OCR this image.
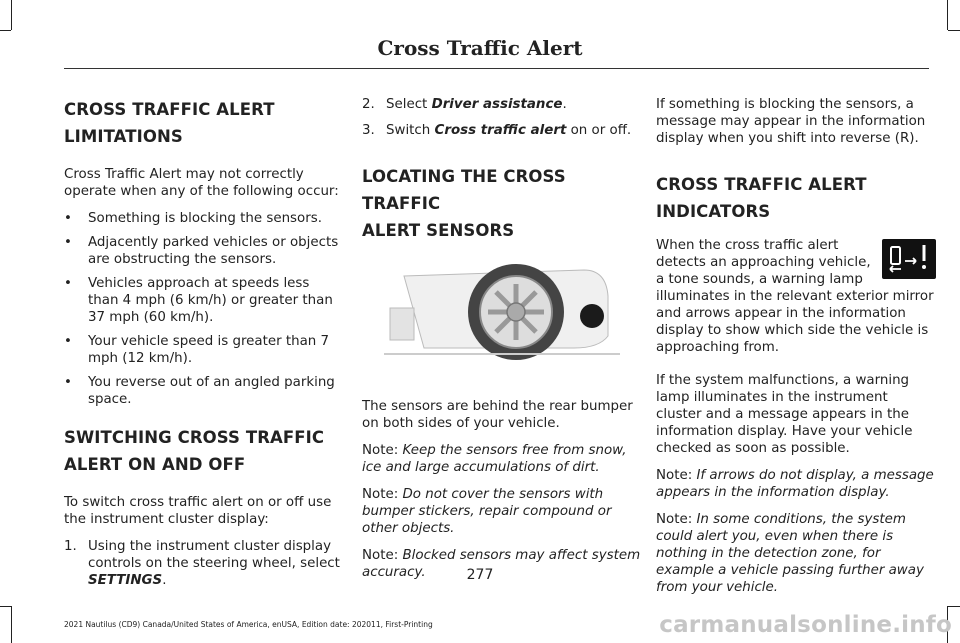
Cross Traffic Alert
CROSS TRAFFIC ALERT
LIMITATIONS

Cross Traffic Alert may not correctly operate when any of the following occur:

• Something is blocking the sensors.
• Adjacently parked vehicles or objects are obstructing the sensors.
• Vehicles approach at speeds less than 4 mph (6 km/h) or greater than 37 mph (60 km/h).
• Your vehicle speed is greater than 7 mph (12 km/h).
• You reverse out of an angled parking space.
SWITCHING CROSS TRAFFIC
ALERT ON AND OFF

To switch cross traffic alert on or off use the instrument cluster display:

1. Using the instrument cluster display controls on the steering wheel, select SETTINGS.
2. Select Driver assistance.
3. Switch Cross traffic alert on or off.
LOCATING THE CROSS TRAFFIC
ALERT SENSORS

The sensors are behind the rear bumper on both sides of your vehicle.

Note: Keep the sensors free from snow, ice and large accumulations of dirt.

Note: Do not cover the sensors with bumper stickers, repair compound or other objects.

Note: Blocked sensors may affect system accuracy.

If something is blocking the sensors, a message may appear in the information display when you shift into reverse (R).

CROSS TRAFFIC ALERT
INDICATORS

When the cross traffic alert detects an approaching vehicle, a tone sounds, a warning lamp illuminates in the relevant exterior mirror and arrows appear in the information display to show which side the vehicle is approaching from.

If the system malfunctions, a warning lamp illuminates in the instrument cluster and a message appears in the information display. Have your vehicle checked as soon as possible.

Note: If arrows do not display, a message appears in the information display.

Note: In some conditions, the system could alert you, even when there is nothing in the detection zone, for example a vehicle passing further away from your vehicle.

277
2021 Nautilus (CD9) Canada/United States of America, enUSA, Edition date: 202011, First-Printing	carmanualsonline.info
